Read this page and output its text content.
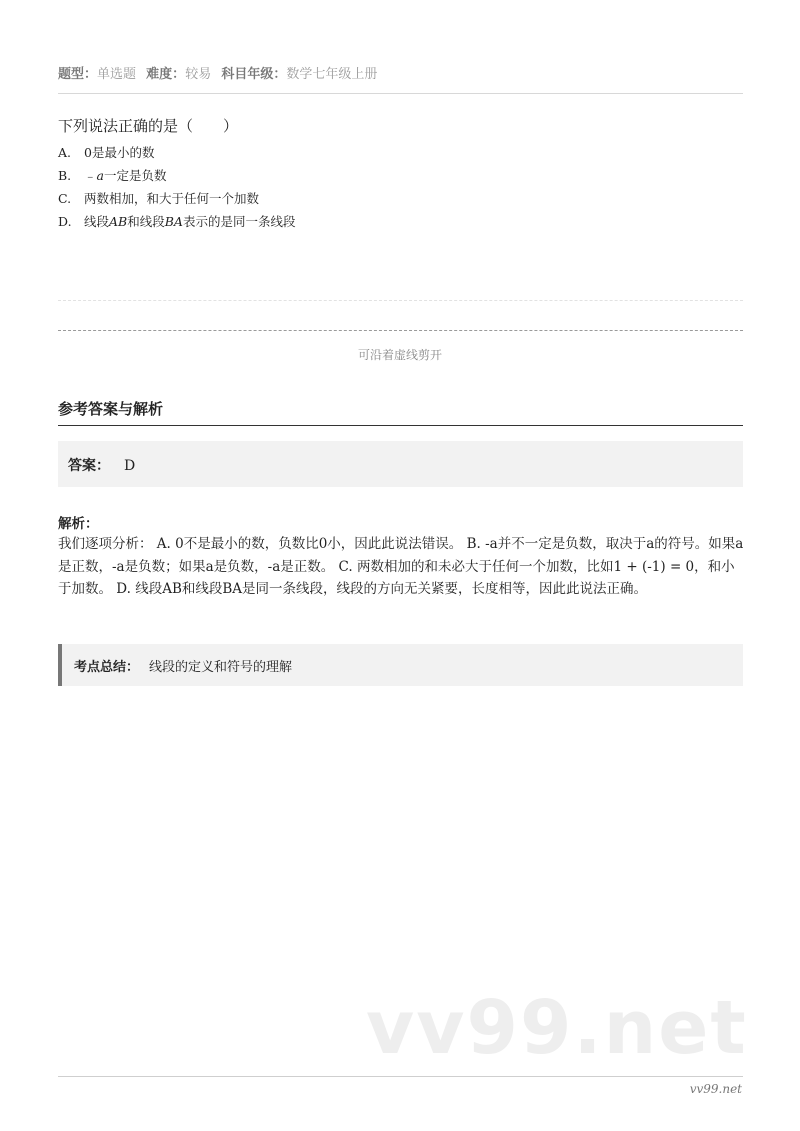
题型：单选题 难度：较易 科目年级：数学七年级上册
下列说法正确的是（　　）
A. 0是最小的数
B. ﹣a一定是负数
C. 两数相加，和大于任何一个加数
D. 线段AB和线段BA表示的是同一条线段
可沿着虚线剪开
参考答案与解析
答案： D
解析：
我们逐项分析： A. 0不是最小的数，负数比0小，因此此说法错误。 B. -a并不一定是负数，取决于a的符号。如果a是正数，-a是负数；如果a是负数，-a是正数。 C. 两数相加的和未必大于任何一个加数，比如1 + (-1) = 0，和小于加数。 D. 线段AB和线段BA是同一条线段，线段的方向无关紧要，长度相等，因此此说法正确。
考点总结： 线段的定义和符号的理解
vv99.net
vv99.net
